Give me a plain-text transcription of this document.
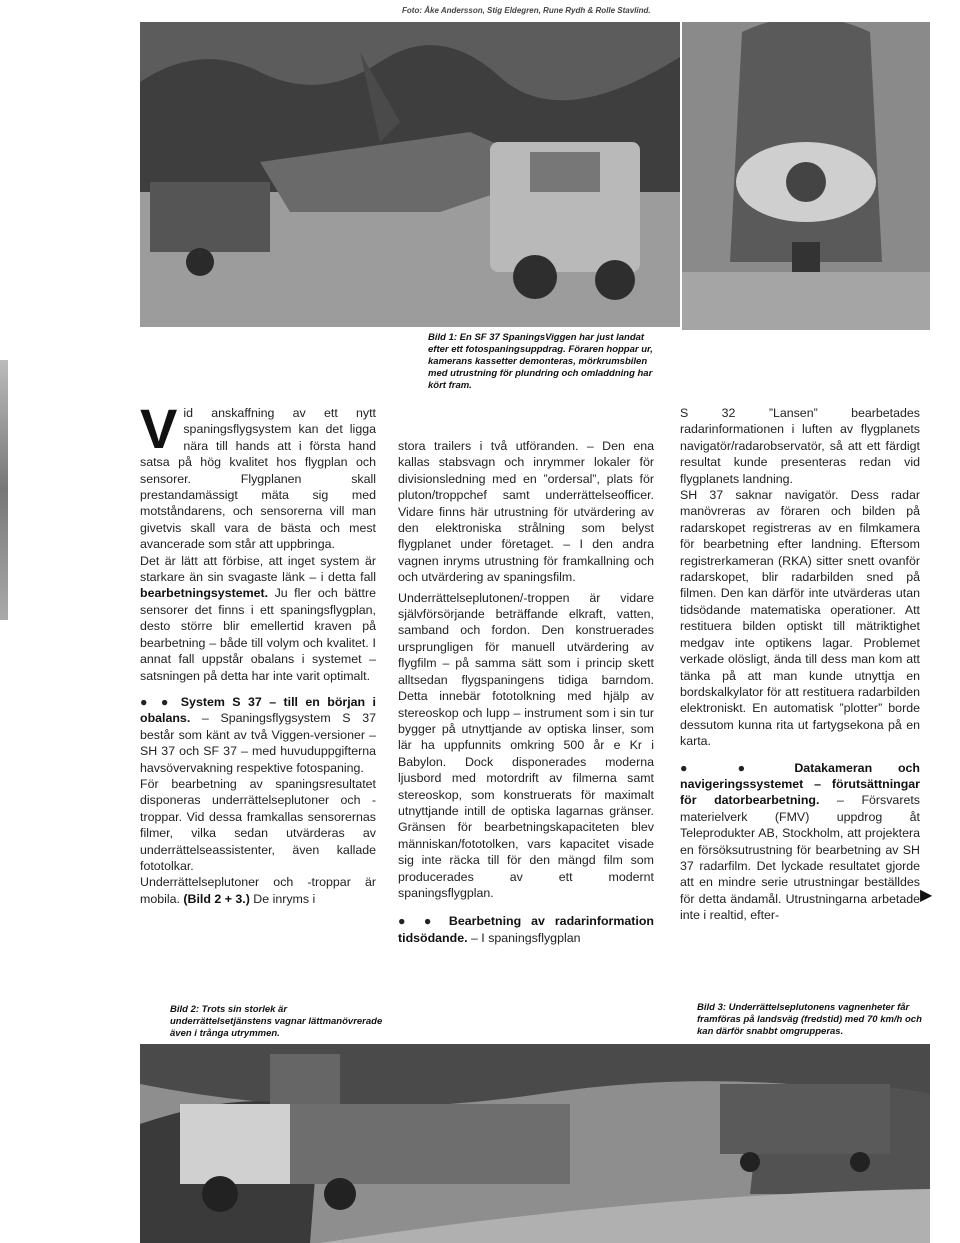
Foto: Åke Andersson, Stig Eldegren, Rune Rydh & Rolle Stavlind.
Bild 1: En SF 37 SpaningsViggen har just landat efter ett fotospaningsuppdrag. Föraren hoppar ur, kamerans kassetter demonteras, mörkrumsbilen med utrustning för plundring och omladdning har kört fram.

Vid anskaffning av ett nytt spaningsflygsystem kan det ligga nära till hands att i första hand satsa på hög kvalitet hos flygplan och sensorer. Flygplanen skall prestandamässigt mäta sig med motståndarens, och sensorerna vill man givetvis skall vara de bästa och mest avancerade som står att uppbringa.

Det är lätt att förbise, att inget system är starkare än sin svagaste länk – i detta fall bearbetningsystemet. Ju fler och bättre sensorer det finns i ett spaningsflygplan, desto större blir emellertid kraven på bearbetning – både till volym och kvalitet. I annat fall uppstår obalans i systemet – satsningen på detta har inte varit optimalt.

● ● System S 37 – till en början i obalans. – Spaningsflygsystem S 37 består som känt av två Viggen-versioner – SH 37 och SF 37 – med huvuduppgifterna havsövervakning respektive fotospaning.

För bearbetning av spaningsresultatet disponeras underrättelseplutoner och -troppar. Vid dessa framkallas sensorernas filmer, vilka sedan utvärderas av underrättelseassistenter, även kallade fototolkar.

Underrättelseplutoner och -troppar är mobila. (Bild 2 + 3.) De inryms i

stora trailers i två utföranden. – Den ena kallas stabsvagn och inrymmer lokaler för divisionsledning med en ”ordersal”, plats för pluton/troppchef samt underrättelseofficer. Vidare finns här utrustning för utvärdering av den elektroniska strålning som belyst flygplanet under företaget. – I den andra vagnen inryms utrustning för framkallning och och utvärdering av spaningsfilm.

Underrättelseplutonen/-troppen är vidare självförsörjande beträffande elkraft, vatten, samband och fordon. Den konstruerades ursprungligen för manuell utvärdering av flygfilm – på samma sätt som i princip skett alltsedan flygspaningens tidiga barndom. Detta innebär fototolkning med hjälp av stereoskop och lupp – instrument som i sin tur bygger på utnyttjande av optiska linser, som lär ha uppfunnits omkring 500 år e Kr i Babylon. Dock disponerades moderna ljusbord med motordrift av filmerna samt stereoskop, som konstruerats för maximalt utnyttjande intill de optiska lagarnas gränser. Gränsen för bearbetningskapaciteten blev människan/fototolken, vars kapacitet visade sig inte räcka till för den mängd film som producerades av ett modernt spaningsflygplan.

● ● Bearbetning av radarinformation tidsödande. – I spaningsflygplan

S 32 ”Lansen” bearbetades radarinformationen i luften av flygplanets navigatör/radarobservatör, så att ett färdigt resultat kunde presenteras redan vid flygplanets landning.

SH 37 saknar navigatör. Dess radar manövreras av föraren och bilden på radarskopet registreras av en filmkamera för bearbetning efter landning. Eftersom registrerkameran (RKA) sitter snett ovanför radarskopet, blir radarbilden sned på filmen. Den kan därför inte utvärderas utan tidsödande matematiska operationer. Att restituera bilden optiskt till mätriktighet medgav inte optikens lagar. Problemet verkade olösligt, ända till dess man kom att tänka på att man kunde utnyttja en bordskalkylator för att restituera radarbilden elektroniskt. En automatisk ”plotter” borde dessutom kunna rita ut fartygsekona på en karta.

● ● Datakameran och navigeringssystemet – förutsättningar för datorbearbetning. – Försvarets materielverk (FMV) uppdrog åt Teleprodukter AB, Stockholm, att projektera en försöksutrustning för bearbetning av SH 37 radarfilm. Det lyckade resultatet gjorde att en mindre serie utrustningar beställdes för detta ändamål. Utrustningarna arbetade inte i realtid, efter-

▶
Bild 2: Trots sin storlek är underrättelsetjänstens vagnar lättmanövrerade även i trånga utrymmen.
Bild 3: Underrättelseplutonens vagnenheter får framföras på landsväg (fredstid) med 70 km/h och kan därför snabbt omgrupperas.
